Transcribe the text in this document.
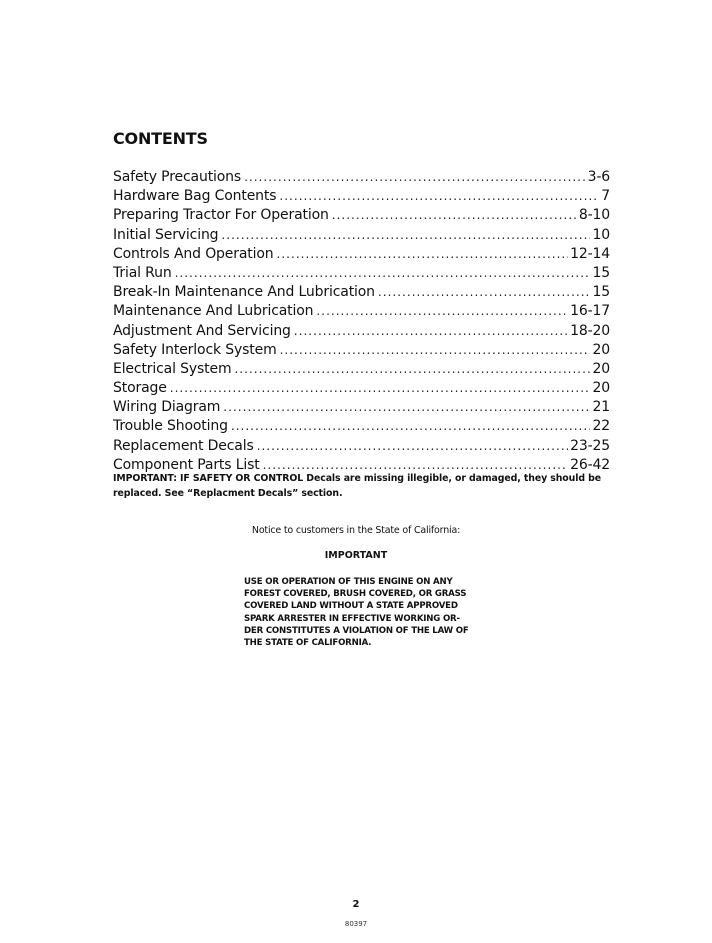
CONTENTS
Safety Precautions . . .	3-6
Hardware Bag Contents . . .	7
Preparing Tractor For Operation . . .	8-10
Initial Servicing . . .	10
Controls And Operation . . .	12-14
Trial Run . . .	15
Break-In Maintenance And Lubrication . . .	15
Maintenance And Lubrication . . .	16-17
Adjustment And Servicing . . .	18-20
Safety Interlock System . . .	20
Electrical System . . .	20
Storage . . .	20
Wiring Diagram . . .	21
Trouble Shooting . . .	22
Replacement Decals . . .	23-25
Component Parts List . . .	26-42

IMPORTANT: IF SAFETY OR CONTROL Decals are missing illegible, or damaged, they should be replaced. See “Replacment Decals” section.

Notice to customers in the State of California:

IMPORTANT

USE OR OPERATION OF THIS ENGINE ON ANY
FOREST COVERED, BRUSH COVERED, OR GRASS
COVERED LAND WITHOUT A STATE APPROVED
SPARK ARRESTER IN EFFECTIVE WORKING OR-
DER CONSTITUTES A VIOLATION OF THE LAW OF
THE STATE OF CALIFORNIA.

2

80397
